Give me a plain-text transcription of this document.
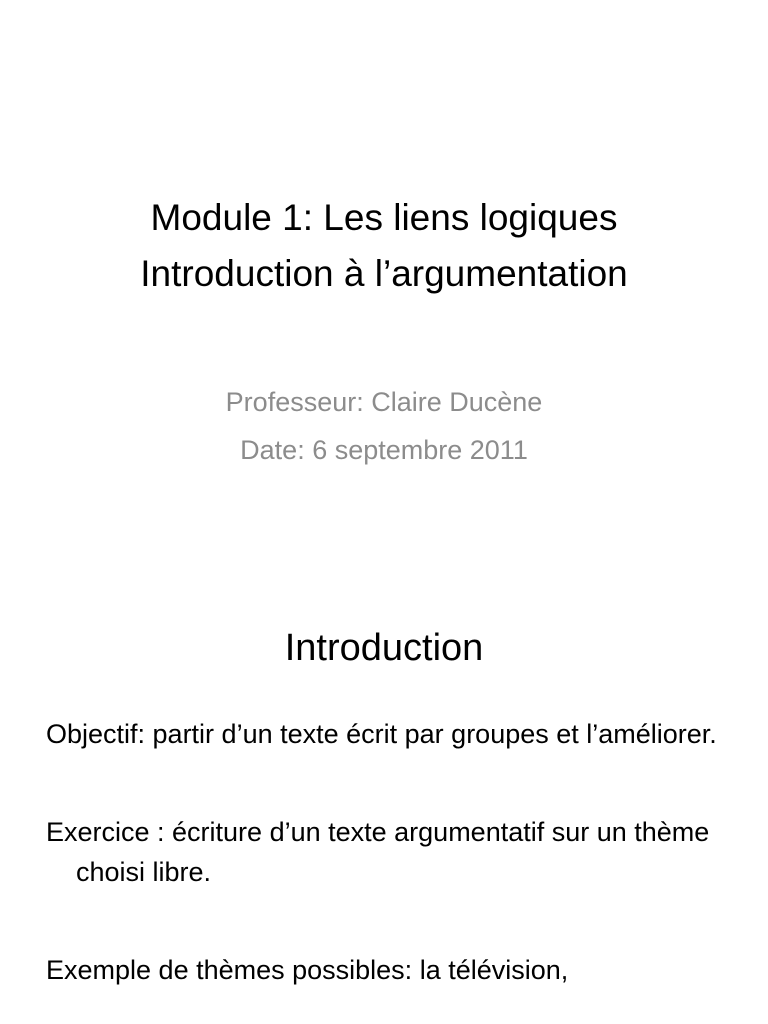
Module 1: Les liens logiques
Introduction à l’argumentation
Professeur: Claire Ducène
Date: 6 septembre 2011
Introduction

Objectif: partir d’un texte écrit par groupes et l’améliorer.

Exercice : écriture d’un texte argumentatif sur un thème choisi libre.

Exemple de thèmes possibles: la télévision,
